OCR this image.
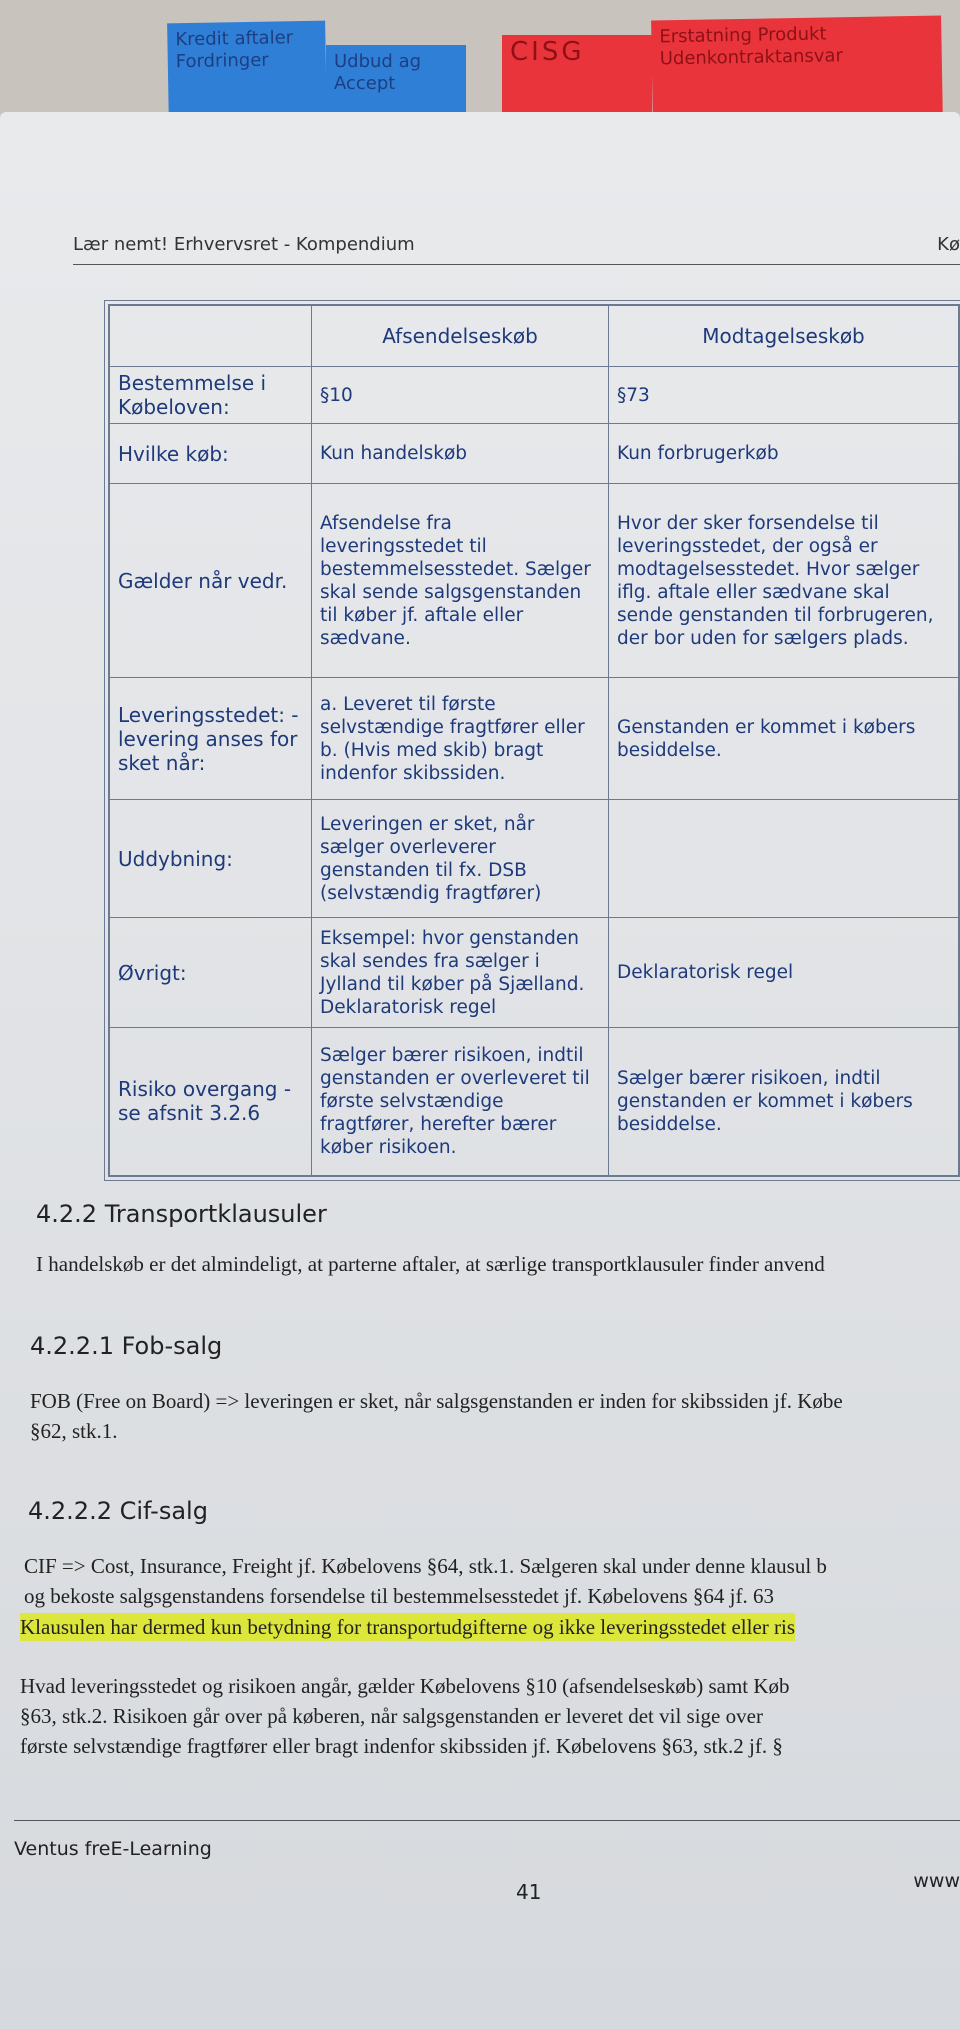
Kredit aftaler Fordringer	Udbud ag Accept
CISG
Erstatning Produkt Udenkontraktansvar
Lær nemt! Erhvervsret - Kompendium	Kø
	Afsendelseskøb	Modtagelseskøb
Bestemmelse i Købeloven:	§10	§73
Hvilke køb:	Kun handelskøb	Kun forbrugerkøb
Gælder når vedr.	Afsendelse fra leveringsstedet til bestemmelsesstedet. Sælger skal sende salgsgenstanden til køber jf. aftale eller sædvane.	Hvor der sker forsendelse til leveringsstedet, der også er modtagelsesstedet. Hvor sælger iflg. aftale eller sædvane skal sende genstanden til forbrugeren, der bor uden for sælgers plads.
Leveringsstedet: - levering anses for sket når:	a. Leveret til første selvstændige fragtfører eller b. (Hvis med skib) bragt indenfor skibssiden.	Genstanden er kommet i købers besiddelse.
Uddybning:	Leveringen er sket, når sælger overleverer genstanden til fx. DSB (selvstændig fragtfører)	
Øvrigt:	Eksempel: hvor genstanden skal sendes fra sælger i Jylland til køber på Sjælland. Deklaratorisk regel	Deklaratorisk regel
Risiko overgang - se afsnit 3.2.6	Sælger bærer risikoen, indtil genstanden er overleveret til første selvstændige fragtfører, herefter bærer køber risikoen.	Sælger bærer risikoen, indtil genstanden er kommet i købers besiddelse.
4.2.2 Transportklausuler

I handelskøb er det almindeligt, at parterne aftaler, at særlige transportklausuler finder anvend

4.2.2.1 Fob-salg

FOB (Free on Board) => leveringen er sket, når salgsgenstanden er inden for skibssiden jf. Købe

§62, stk.1.

4.2.2.2 Cif-salg

CIF => Cost, Insurance, Freight jf. Købelovens §64, stk.1. Sælgeren skal under denne klausul b

og bekoste salgsgenstandens forsendelse til bestemmelsesstedet jf. Købelovens §64 jf. 63

Klausulen har dermed kun betydning for transportudgifterne og ikke leveringsstedet eller ris

Hvad leveringsstedet og risikoen angår, gælder Købelovens §10 (afsendelseskøb) samt Køb

§63, stk.2. Risikoen går over på køberen, når salgsgenstanden er leveret det vil sige over

første selvstændige fragtfører eller bragt indenfor skibssiden jf. Købelovens §63, stk.2 jf. §

Ventus freE-Learning
www
41
